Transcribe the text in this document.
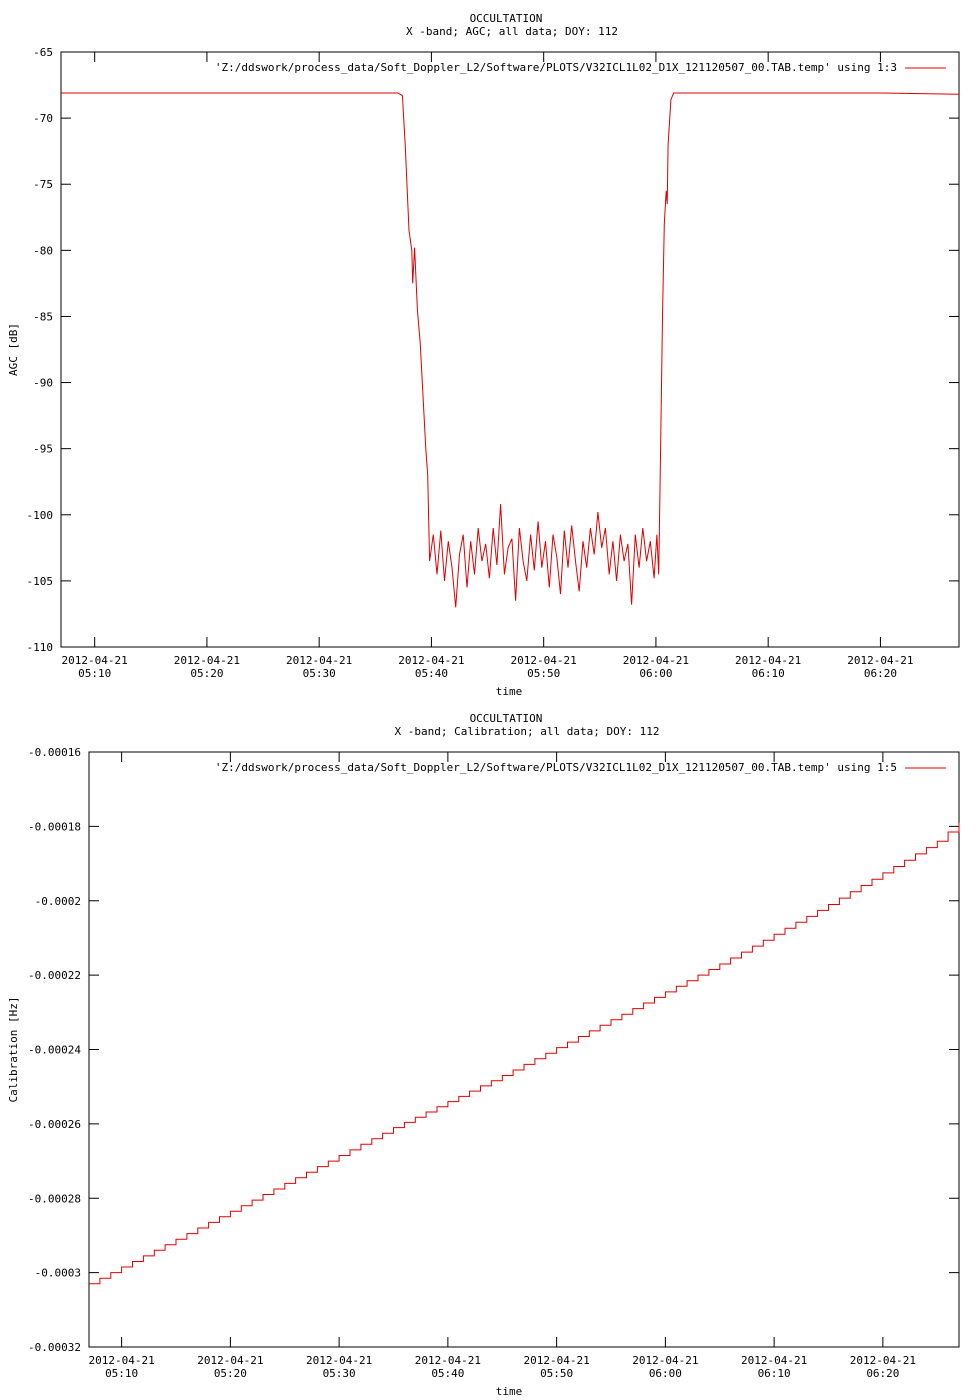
OCCULTATION
X -band; AGC; all data; DOY: 112
-65
-70
-75
-80
-85
-90
-95
-100
-105
-110
2012-04-21
05:10
2012-04-21
05:20
2012-04-21
05:30
2012-04-21
05:40
2012-04-21
05:50
2012-04-21
06:00
2012-04-21
06:10
2012-04-21
06:20
time
AGC [dB]
'Z:/ddswork/process_data/Soft_Doppler_L2/Software/PLOTS/V32ICL1L02_D1X_121120507_00.TAB.temp' using 1:3
OCCULTATION
X -band; Calibration; all data; DOY: 112
-0.00016
-0.00018
-0.0002
-0.00022
-0.00024
-0.00026
-0.00028
-0.0003
-0.00032
2012-04-21
05:10
2012-04-21
05:20
2012-04-21
05:30
2012-04-21
05:40
2012-04-21
05:50
2012-04-21
06:00
2012-04-21
06:10
2012-04-21
06:20
time
Calibration [Hz]
'Z:/ddswork/process_data/Soft_Doppler_L2/Software/PLOTS/V32ICL1L02_D1X_121120507_00.TAB.temp' using 1:5
